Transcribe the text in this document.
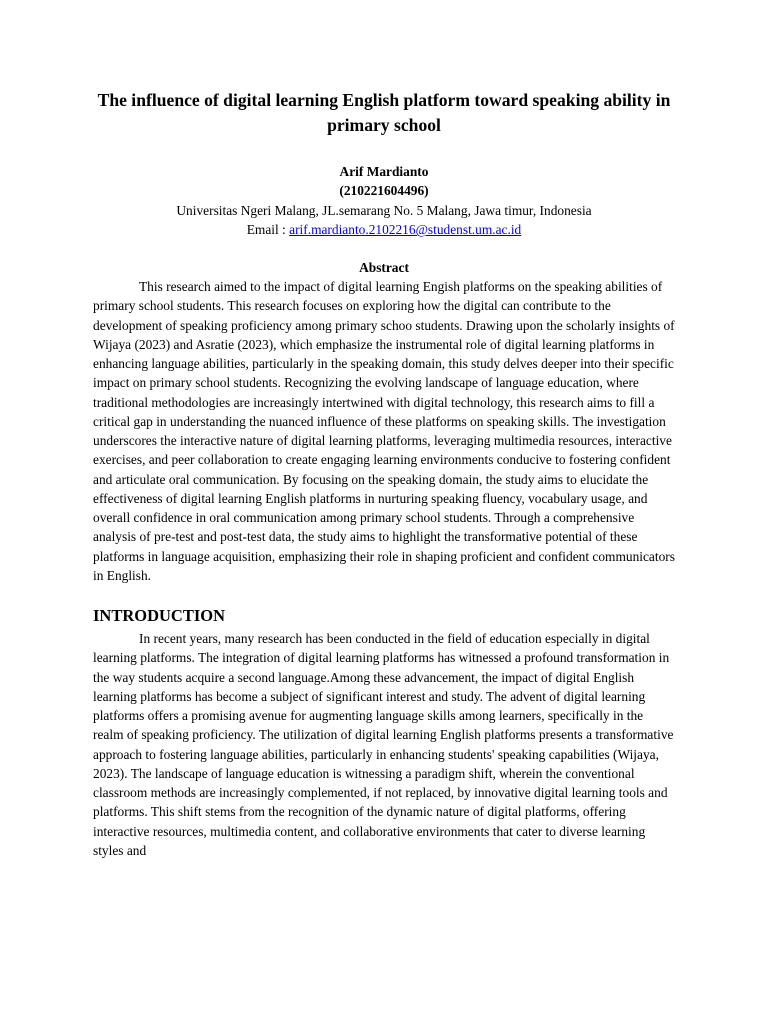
The influence of digital learning English platform toward speaking ability in primary school
Arif Mardianto
(210221604496)
Universitas Ngeri Malang, JL.semarang No. 5 Malang, Jawa timur, Indonesia
Email : arif.mardianto.2102216@studenst.um.ac.id
Abstract

This research aimed to the impact of digital learning Engish platforms on the speaking abilities of primary school students. This research focuses on exploring how the digital can contribute to the development of speaking proficiency among primary schoo students. Drawing upon the scholarly insights of Wijaya (2023) and Asratie (2023), which emphasize the instrumental role of digital learning platforms in enhancing language abilities, particularly in the speaking domain, this study delves deeper into their specific impact on primary school students. Recognizing the evolving landscape of language education, where traditional methodologies are increasingly intertwined with digital technology, this research aims to fill a critical gap in understanding the nuanced influence of these platforms on speaking skills. The investigation underscores the interactive nature of digital learning platforms, leveraging multimedia resources, interactive exercises, and peer collaboration to create engaging learning environments conducive to fostering confident and articulate oral communication. By focusing on the speaking domain, the study aims to elucidate the effectiveness of digital learning English platforms in nurturing speaking fluency, vocabulary usage, and overall confidence in oral communication among primary school students. Through a comprehensive analysis of pre-test and post-test data, the study aims to highlight the transformative potential of these platforms in language acquisition, emphasizing their role in shaping proficient and confident communicators in English.

INTRODUCTION

In recent years, many research has been conducted in the field of education especially in digital learning platforms. The integration of digital learning platforms has witnessed a profound transformation in the way students acquire a second language.Among these advancement, the impact of digital English learning platforms has become a subject of significant interest and study. The advent of digital learning platforms offers a promising avenue for augmenting language skills among learners, specifically in the realm of speaking proficiency. The utilization of digital learning English platforms presents a transformative approach to fostering language abilities, particularly in enhancing students' speaking capabilities (Wijaya, 2023). The landscape of language education is witnessing a paradigm shift, wherein the conventional classroom methods are increasingly complemented, if not replaced, by innovative digital learning tools and platforms. This shift stems from the recognition of the dynamic nature of digital platforms, offering interactive resources, multimedia content, and collaborative environments that cater to diverse learning styles and
